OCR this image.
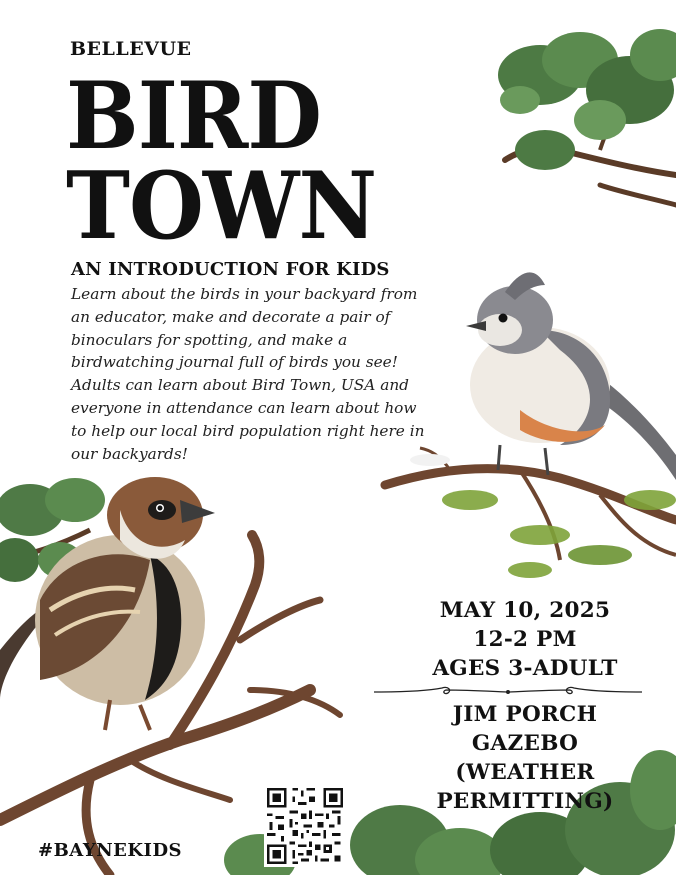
BELLEVUE
BIRD
TOWN
AN INTRODUCTION FOR KIDS
Learn about the birds in your backyard from
an educator, make and decorate a pair of
binoculars for spotting, and make a
birdwatching journal full of birds you see!
Adults can learn about Bird Town, USA and
everyone in attendance can learn about how
to help our local bird population right here in
our backyards!
MAY 10, 2025
12-2 PM
AGES 3-ADULT
JIM PORCH
GAZEBO
(WEATHER
PERMITTING)
#BAYNEKIDS
